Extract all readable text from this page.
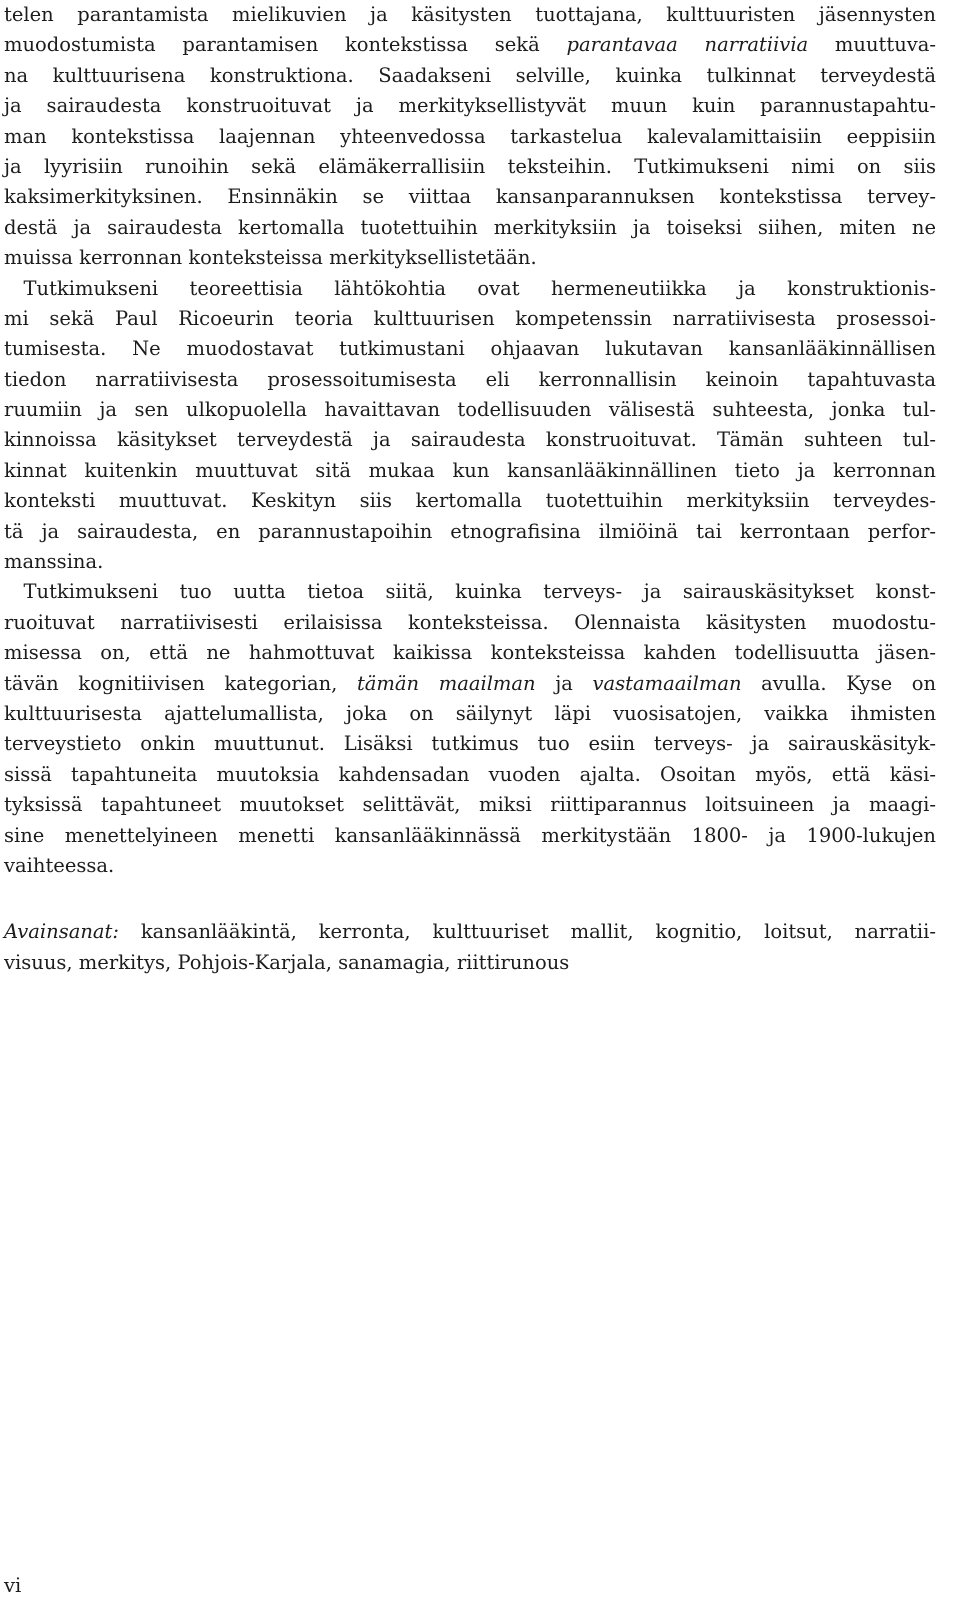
telen parantamista mielikuvien ja käsitysten tuottajana, kulttuuristen jäsennysten
muodostumista parantamisen kontekstissa sekä parantavaa narratiivia muuttuva-
na kulttuurisena konstruktiona. Saadakseni selville, kuinka tulkinnat terveydestä
ja sairaudesta konstruoituvat ja merkityksellistyvät muun kuin parannustapahtu-
man kontekstissa laajennan yhteenvedossa tarkastelua kalevalamittaisiin eeppisiin
ja lyyrisiin runoihin sekä elämäkerrallisiin teksteihin. Tutkimukseni nimi on siis
kaksimerkityksinen. Ensinnäkin se viittaa kansanparannuksen kontekstissa tervey-
destä ja sairaudesta kertomalla tuotettuihin merkityksiin ja toiseksi siihen, miten ne
muissa kerronnan konteksteissa merkityksellistetään.
 Tutkimukseni teoreettisia lähtökohtia ovat hermeneutiikka ja konstruktionis-
mi sekä Paul Ricoeurin teoria kulttuurisen kompetenssin narratiivisesta prosessoi-
tumisesta. Ne muodostavat tutkimustani ohjaavan lukutavan kansanlääkinnällisen
tiedon narratiivisesta prosessoitumisesta eli kerronnallisin keinoin tapahtuvasta
ruumiin ja sen ulkopuolella havaittavan todellisuuden välisestä suhteesta, jonka tul-
kinnoissa käsitykset terveydestä ja sairaudesta konstruoituvat. Tämän suhteen tul-
kinnat kuitenkin muuttuvat sitä mukaa kun kansanlääkinnällinen tieto ja kerronnan
konteksti muuttuvat. Keskityn siis kertomalla tuotettuihin merkityksiin terveydes-
tä ja sairaudesta, en parannustapoihin etnografisina ilmiöinä tai kerrontaan perfor-
manssina.
 Tutkimukseni tuo uutta tietoa siitä, kuinka terveys- ja sairauskäsitykset konst-
ruoituvat narratiivisesti erilaisissa konteksteissa. Olennaista käsitysten muodostu-
misessa on, että ne hahmottuvat kaikissa konteksteissa kahden todellisuutta jäsen-
tävän kognitiivisen kategorian, tämän maailman ja vastamaailman avulla. Kyse on
kulttuurisesta ajattelumallista, joka on säilynyt läpi vuosisatojen, vaikka ihmisten
terveystieto onkin muuttunut. Lisäksi tutkimus tuo esiin terveys- ja sairauskäsityk-
sissä tapahtuneita muutoksia kahdensadan vuoden ajalta. Osoitan myös, että käsi-
tyksissä tapahtuneet muutokset selittävät, miksi riittiparannus loitsuineen ja maagi-
sine menettelyineen menetti kansanlääkinnässä merkitystään 1800- ja 1900-lukujen
vaihteessa.
Avainsanat: kansanlääkintä, kerronta, kulttuuriset mallit, kognitio, loitsut, narratii-
visuus, merkitys, Pohjois-Karjala, sanamagia, riittirunous
vi
